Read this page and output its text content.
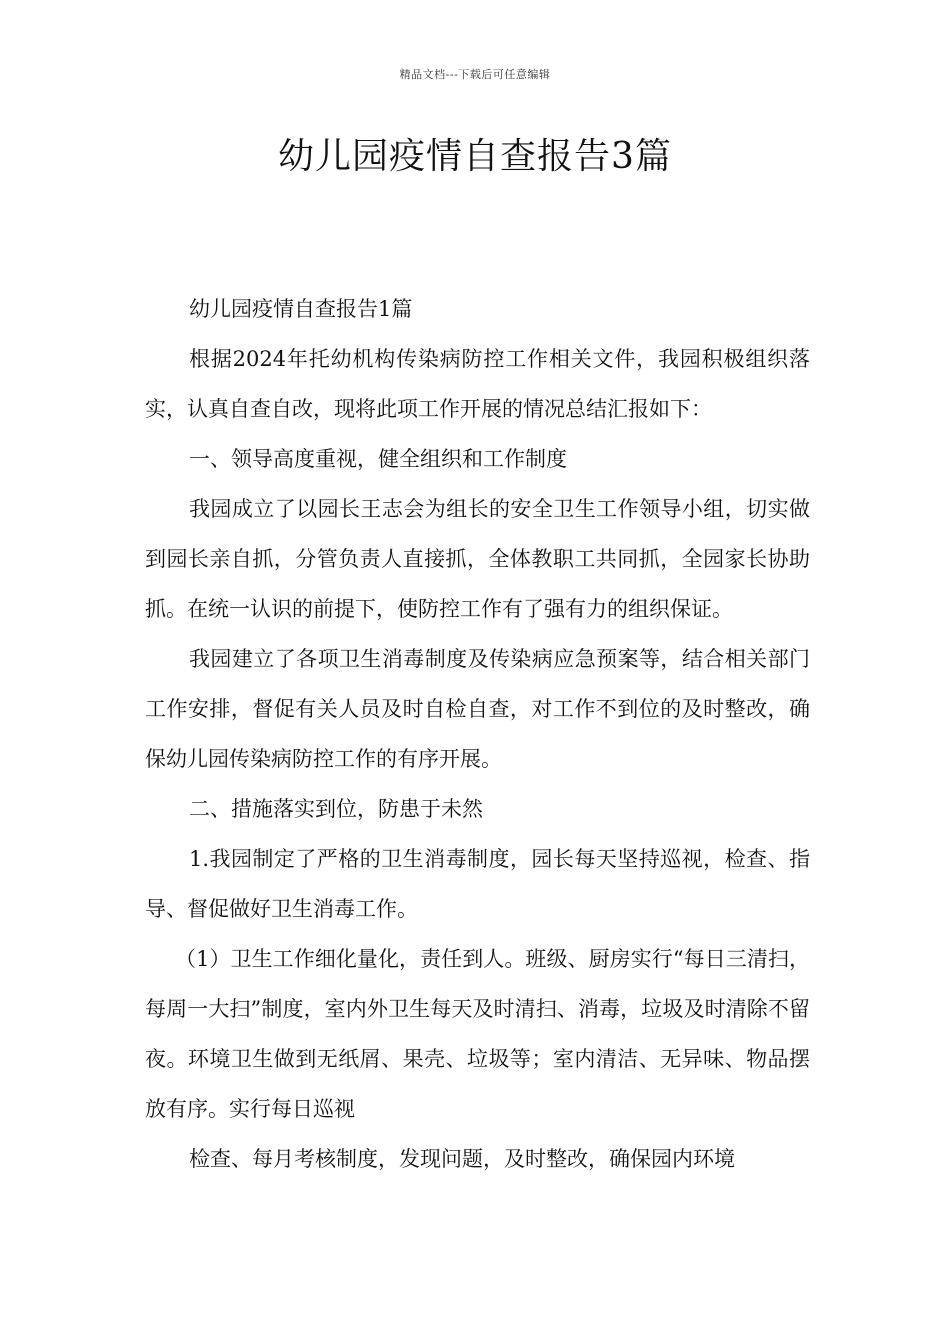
精品文档---下载后可任意编辑
幼儿园疫情自查报告3篇

幼儿园疫情自查报告1篇

根据2024年托幼机构传染病防控工作相关文件，我园积极组织落实，认真自查自改，现将此项工作开展的情况总结汇报如下：

一、领导高度重视，健全组织和工作制度

我园成立了以园长王志会为组长的安全卫生工作领导小组，切实做到园长亲自抓，分管负责人直接抓，全体教职工共同抓，全园家长协助抓。在统一认识的前提下，使防控工作有了强有力的组织保证。

我园建立了各项卫生消毒制度及传染病应急预案等，结合相关部门工作安排，督促有关人员及时自检自查，对工作不到位的及时整改，确保幼儿园传染病防控工作的有序开展。

二、措施落实到位，防患于未然

1.我园制定了严格的卫生消毒制度，园长每天坚持巡视，检查、指导、督促做好卫生消毒工作。

（1）卫生工作细化量化，责任到人。班级、厨房实行“每日三清扫，每周一大扫”制度，室内外卫生每天及时清扫、消毒，垃圾及时清除不留夜。环境卫生做到无纸屑、果壳、垃圾等；室内清洁、无异味、物品摆放有序。实行每日巡视

检查、每月考核制度，发现问题，及时整改，确保园内环境
